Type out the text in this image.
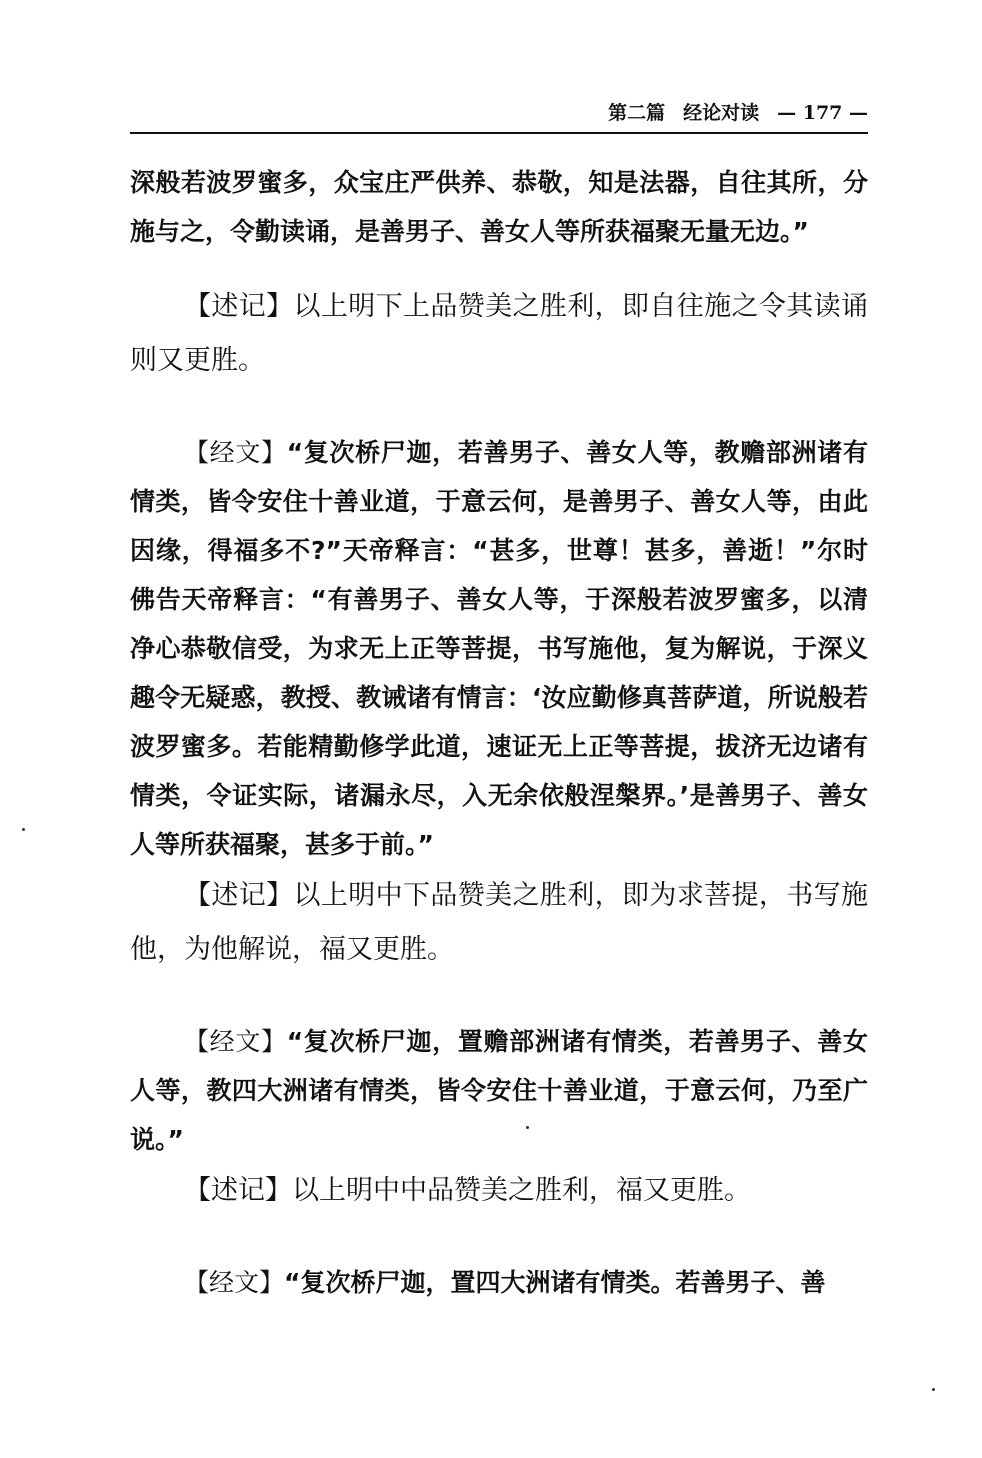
第二篇 经论对读 — 177 —

深般若波罗蜜多，众宝庄严供养、恭敬，知是法器，自往其所，分施与之，令勤读诵，是善男子、善女人等所获福聚无量无边。”

【述记】以上明下上品赞美之胜利，即自往施之令其读诵则又更胜。

【经文】“复次桥尸迦，若善男子、善女人等，教赡部洲诸有情类，皆令安住十善业道，于意云何，是善男子、善女人等，由此因缘，得福多不?”天帝释言：“甚多，世尊！甚多，善逝！”尔时佛告天帝释言：“有善男子、善女人等，于深般若波罗蜜多，以清净心恭敬信受，为求无上正等菩提，书写施他，复为解说，于深义趣令无疑惑，教授、教诫诸有情言：‘汝应勤修真菩萨道，所说般若波罗蜜多。若能精勤修学此道，速证无上正等菩提，拔济无边诸有情类，令证实际，诸漏永尽，入无余依般涅槃界。’是善男子、善女人等所获福聚，甚多于前。”

【述记】以上明中下品赞美之胜利，即为求菩提，书写施他，为他解说，福又更胜。

【经文】“复次桥尸迦，置赡部洲诸有情类，若善男子、善女人等，教四大洲诸有情类，皆令安住十善业道，于意云何，乃至广说。”

【述记】以上明中中品赞美之胜利，福又更胜。

【经文】“复次桥尸迦，置四大洲诸有情类。若善男子、善
